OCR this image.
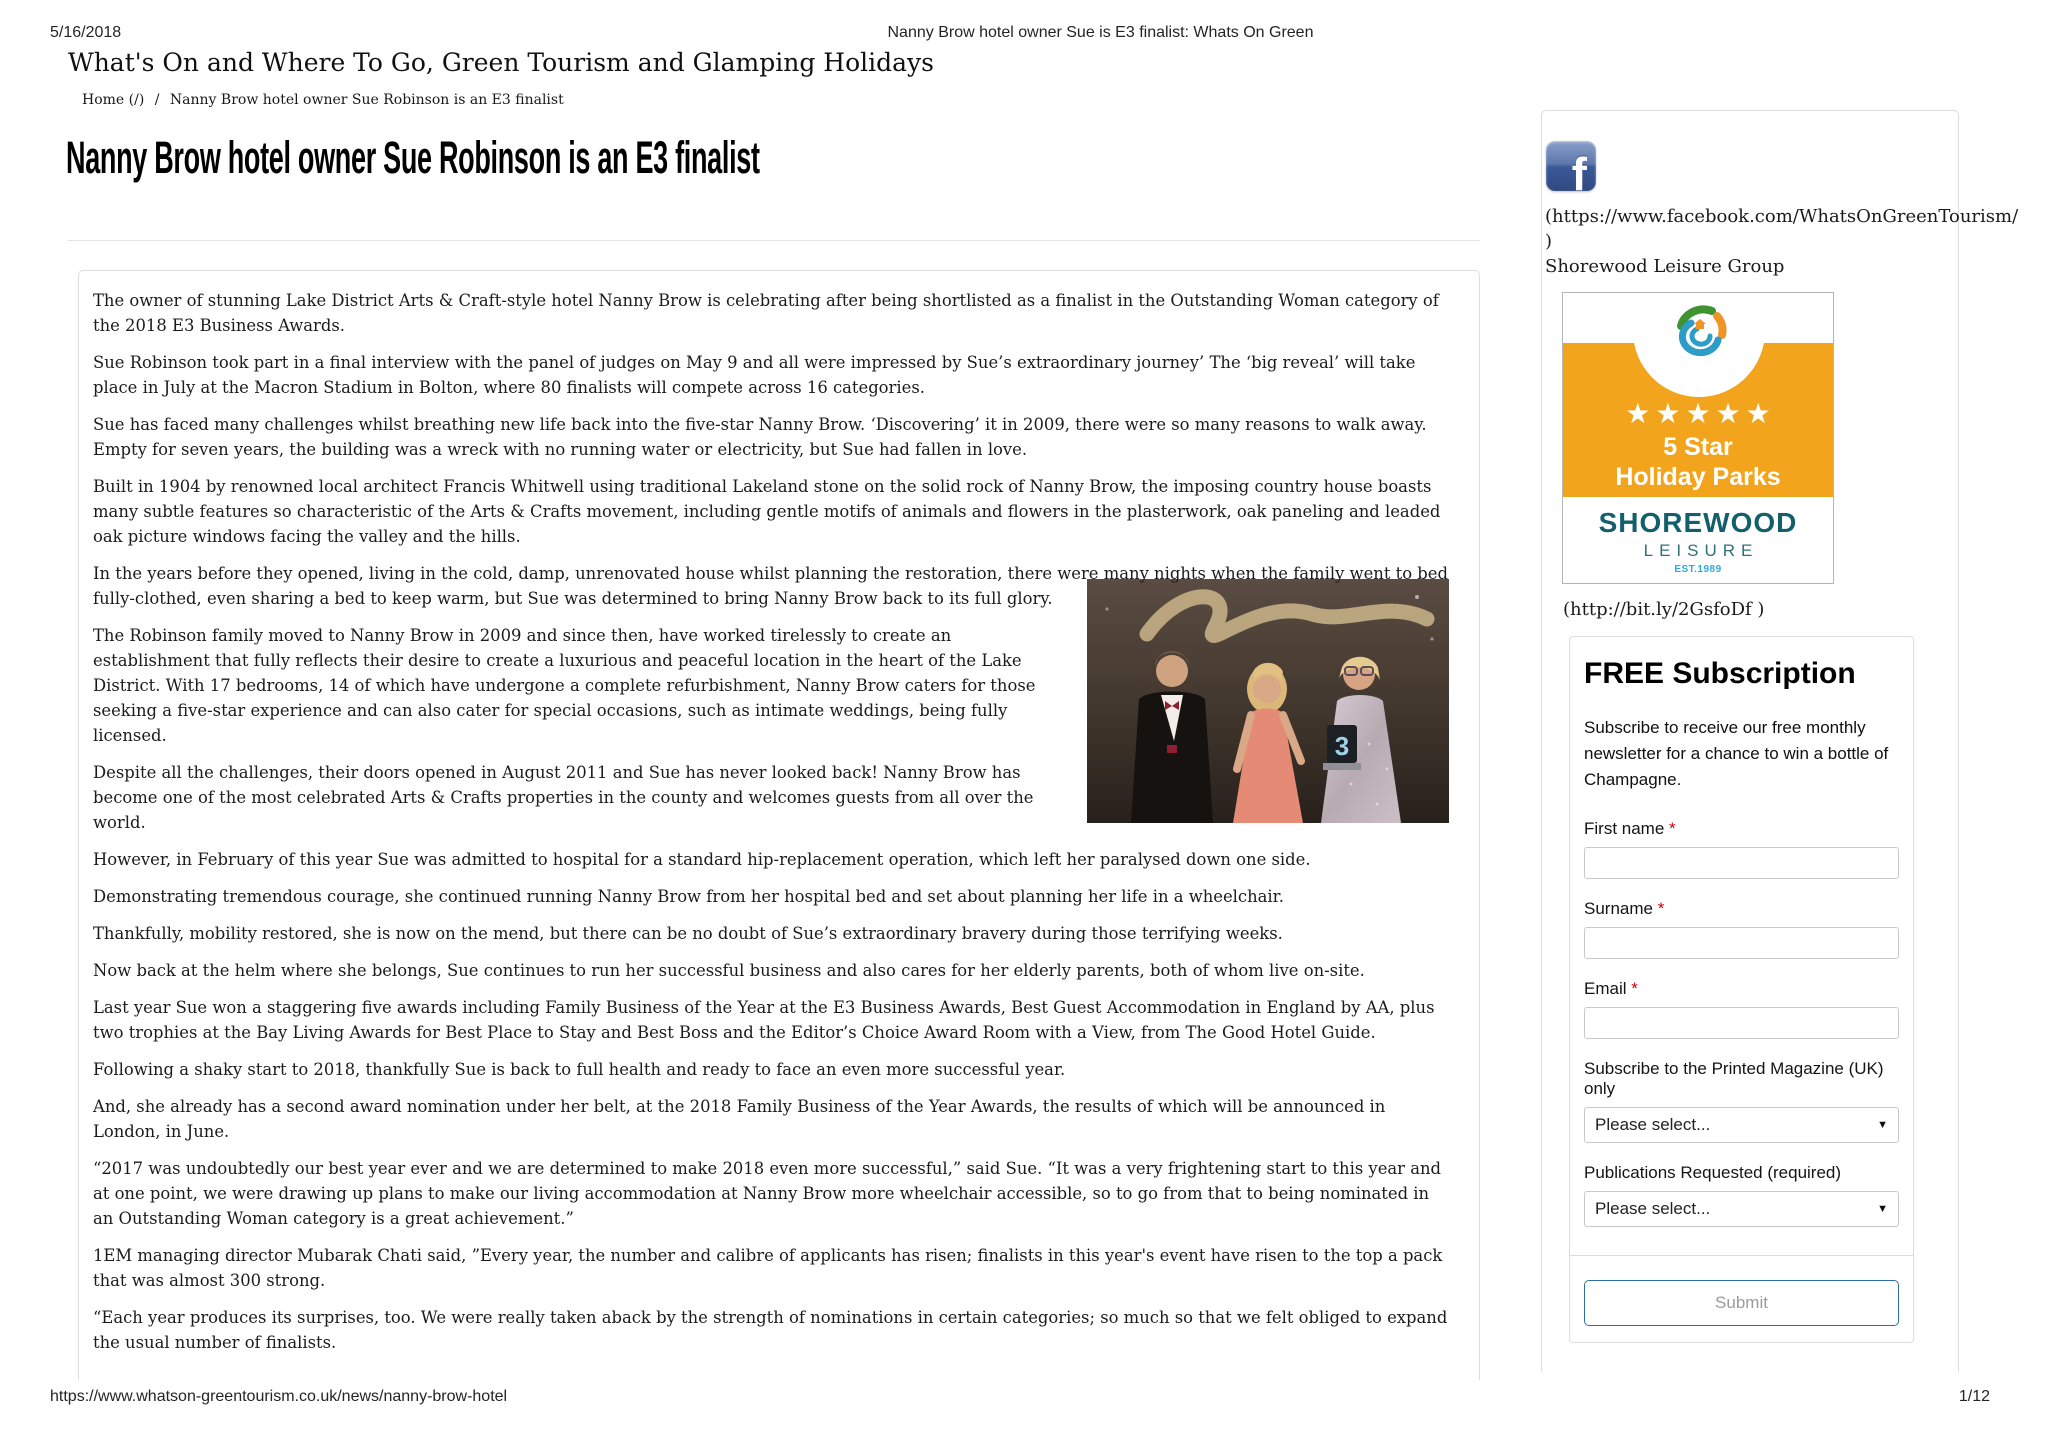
5/16/2018	Nanny Brow hotel owner Sue is E3 finalist: Whats On Green
What's On and Where To Go, Green Tourism and Glamping Holidays
Home (/) / Nanny Brow hotel owner Sue Robinson is an E3 finalist
Nanny Brow hotel owner Sue Robinson is an E3 finalist

The owner of stunning Lake District Arts & Craft-style hotel Nanny Brow is celebrating after being shortlisted as a finalist in the Outstanding Woman category of the 2018 E3 Business Awards.

Sue Robinson took part in a final interview with the panel of judges on May 9 and all were impressed by Sue’s extraordinary journey’ The ‘big reveal’ will take place in July at the Macron Stadium in Bolton, where 80 finalists will compete across 16 categories.

Sue has faced many challenges whilst breathing new life back into the five-star Nanny Brow. ‘Discovering’ it in 2009, there were so many reasons to walk away. Empty for seven years, the building was a wreck with no running water or electricity, but Sue had fallen in love.

Built in 1904 by renowned local architect Francis Whitwell using traditional Lakeland stone on the solid rock of Nanny Brow, the imposing country house boasts many subtle features so characteristic of the Arts & Crafts movement, including gentle motifs of animals and flowers in the plasterwork, oak paneling and leaded oak picture windows facing the valley and the hills.

In the years before they opened, living in the cold, damp, unrenovated house whilst planning the restoration, there were many nights when the family went to bed fully-clothed, even sharing a bed to keep warm, but Sue was determined to bring Nanny Brow back to its full glory.

3

The Robinson family moved to Nanny Brow in 2009 and since then, have worked tirelessly to create an establishment that fully reflects their desire to create a luxurious and peaceful location in the heart of the Lake District. With 17 bedrooms, 14 of which have undergone a complete refurbishment, Nanny Brow caters for those seeking a five-star experience and can also cater for special occasions, such as intimate weddings, being fully licensed.

Despite all the challenges, their doors opened in August 2011 and Sue has never looked back! Nanny Brow has become one of the most celebrated Arts & Crafts properties in the county and welcomes guests from all over the world.

However, in February of this year Sue was admitted to hospital for a standard hip-replacement operation, which left her paralysed down one side.

Demonstrating tremendous courage, she continued running Nanny Brow from her hospital bed and set about planning her life in a wheelchair.

Thankfully, mobility restored, she is now on the mend, but there can be no doubt of Sue’s extraordinary bravery during those terrifying weeks.

Now back at the helm where she belongs, Sue continues to run her successful business and also cares for her elderly parents, both of whom live on-site.

Last year Sue won a staggering five awards including Family Business of the Year at the E3 Business Awards, Best Guest Accommodation in England by AA, plus two trophies at the Bay Living Awards for Best Place to Stay and Best Boss and the Editor’s Choice Award Room with a View, from The Good Hotel Guide.

Following a shaky start to 2018, thankfully Sue is back to full health and ready to face an even more successful year.

And, she already has a second award nomination under her belt, at the 2018 Family Business of the Year Awards, the results of which will be announced in London, in June.

“2017 was undoubtedly our best year ever and we are determined to make 2018 even more successful,” said Sue. “It was a very frightening start to this year and at one point, we were drawing up plans to make our living accommodation at Nanny Brow more wheelchair accessible, so to go from that to being nominated in an Outstanding Woman category is a great achievement.”

1EM managing director Mubarak Chati said, ”Every year, the number and calibre of applicants has risen; finalists in this year's event have risen to the top a pack that was almost 300 strong.

“Each year produces its surprises, too. We were really taken aback by the strength of nominations in certain categories; so much so that we felt obliged to expand the usual number of finalists.

f
(https://www.facebook.com/WhatsOnGreenTourism/
)
Shorewood Leisure Group
★★★★★
5 Star
Holiday Parks
SHOREWOOD
LEISURE
EST.1989
(http://bit.ly/2GsfoDf )
FREE Subscription
Subscribe to receive our free monthly newsletter for a chance to win a bottle of Champagne.
First name *
Surname *
Email *
Subscribe to the Printed Magazine (UK) only
Please select...	▼
Publications Requested (required)
Please select...	▼
Submit
https://www.whatson-greentourism.co.uk/news/nanny-brow-hotel	1/12
